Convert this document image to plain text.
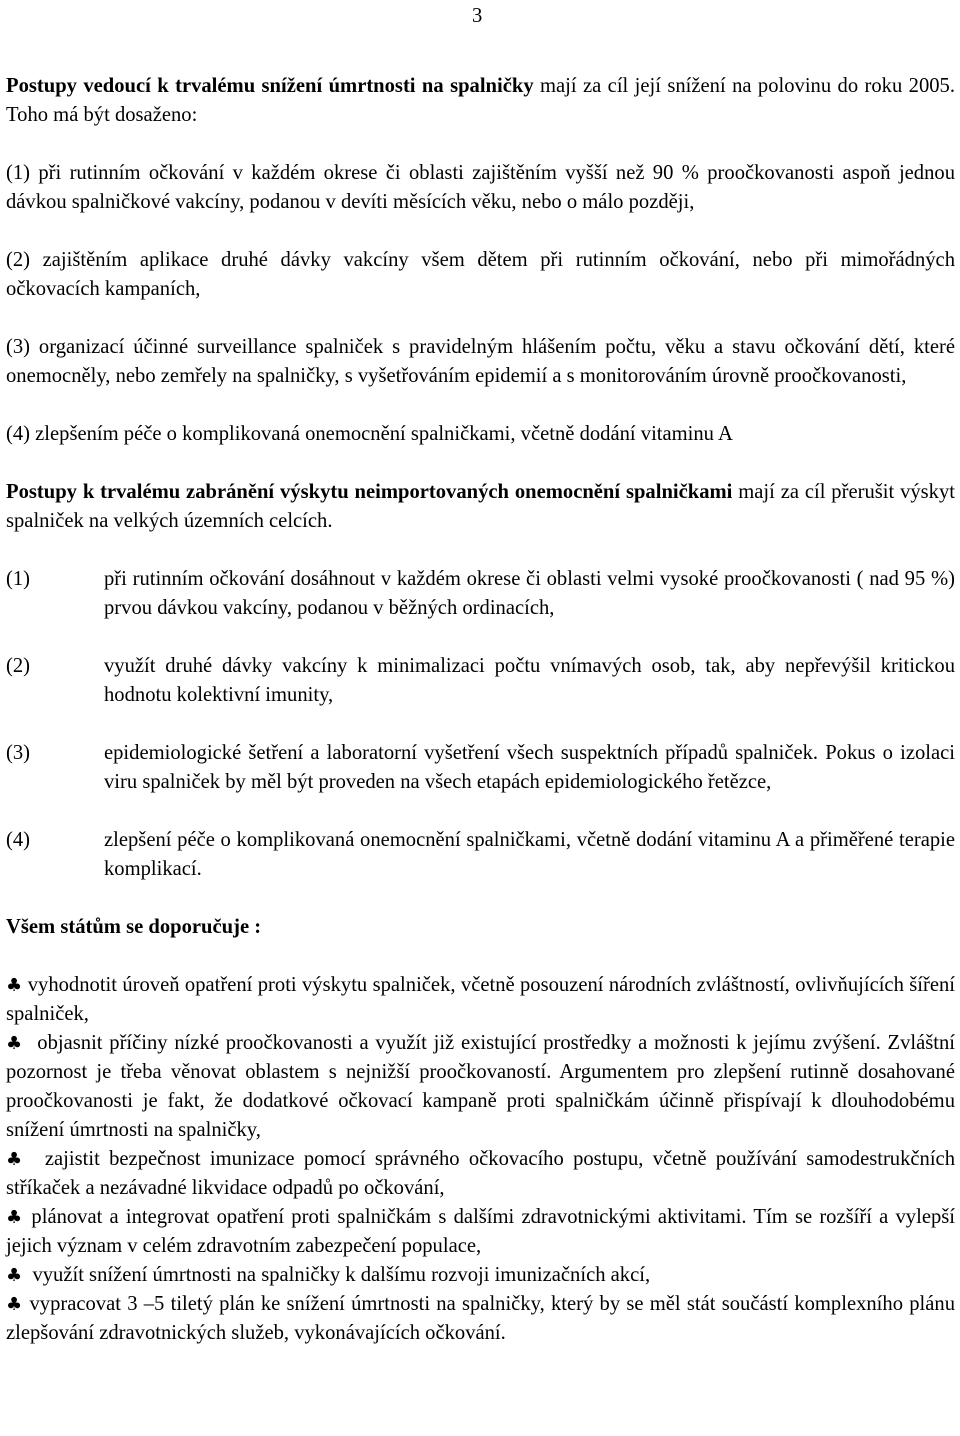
3

Postupy vedoucí k trvalému snížení úmrtnosti na spalničky mají za cíl její snížení na polovinu do roku 2005. Toho má být dosaženo:

(1) při rutinním očkování v každém okrese či oblasti zajištěním vyšší než 90 % proočkovanosti aspoň jednou dávkou spalničkové vakcíny, podanou v devíti měsících věku, nebo o málo později,

(2) zajištěním aplikace druhé dávky vakcíny všem dětem při rutinním očkování, nebo při mimořádných očkovacích kampaních,

(3) organizací účinné surveillance spalniček s pravidelným hlášením počtu, věku a stavu očkování dětí, které onemocněly, nebo zemřely na spalničky, s vyšetřováním epidemií a s monitorováním úrovně proočkovanosti,

(4) zlepšením péče o komplikovaná onemocnění spalničkami, včetně dodání vitaminu A

Postupy k trvalému zabránění výskytu neimportovaných onemocnění spalničkami mají za cíl přerušit výskyt spalniček na velkých územních celcích.

(1)	při rutinním očkování dosáhnout v každém okrese či oblasti velmi vysoké proočkovanosti ( nad 95 %) prvou dávkou vakcíny, podanou v běžných ordinacích,
(2)	využít druhé dávky vakcíny k minimalizaci počtu vnímavých osob, tak, aby nepřevýšil kritickou hodnotu kolektivní imunity,
(3)	epidemiologické šetření a laboratorní vyšetření všech suspektních případů spalniček. Pokus o izolaci viru spalniček by měl být proveden na všech etapách epidemiologického řetězce,
(4)	zlepšení péče o komplikovaná onemocnění spalničkami, včetně dodání vitaminu A a přiměřené terapie komplikací.

Všem státům se doporučuje :

♣ vyhodnotit úroveň opatření proti výskytu spalniček, včetně posouzení národních zvláštností, ovlivňujících šíření spalniček,

♣ objasnit příčiny nízké proočkovanosti a využít již existující prostředky a možnosti k jejímu zvýšení. Zvláštní pozornost je třeba věnovat oblastem s nejnižší proočkovaností. Argumentem pro zlepšení rutinně dosahované proočkovanosti je fakt, že dodatkové očkovací kampaně proti spalničkám účinně přispívají k dlouhodobému snížení úmrtnosti na spalničky,

♣ zajistit bezpečnost imunizace pomocí správného očkovacího postupu, včetně používání samodestrukčních stříkaček a nezávadné likvidace odpadů po očkování,

♣ plánovat a integrovat opatření proti spalničkám s dalšími zdravotnickými aktivitami. Tím se rozšíří a vylepší jejich význam v celém zdravotním zabezpečení populace,

♣ využít snížení úmrtnosti na spalničky k dalšímu rozvoji imunizačních akcí,

♣ vypracovat 3 –5 tiletý plán ke snížení úmrtnosti na spalničky, který by se měl stát součástí komplexního plánu zlepšování zdravotnických služeb, vykonávajících očkování.
